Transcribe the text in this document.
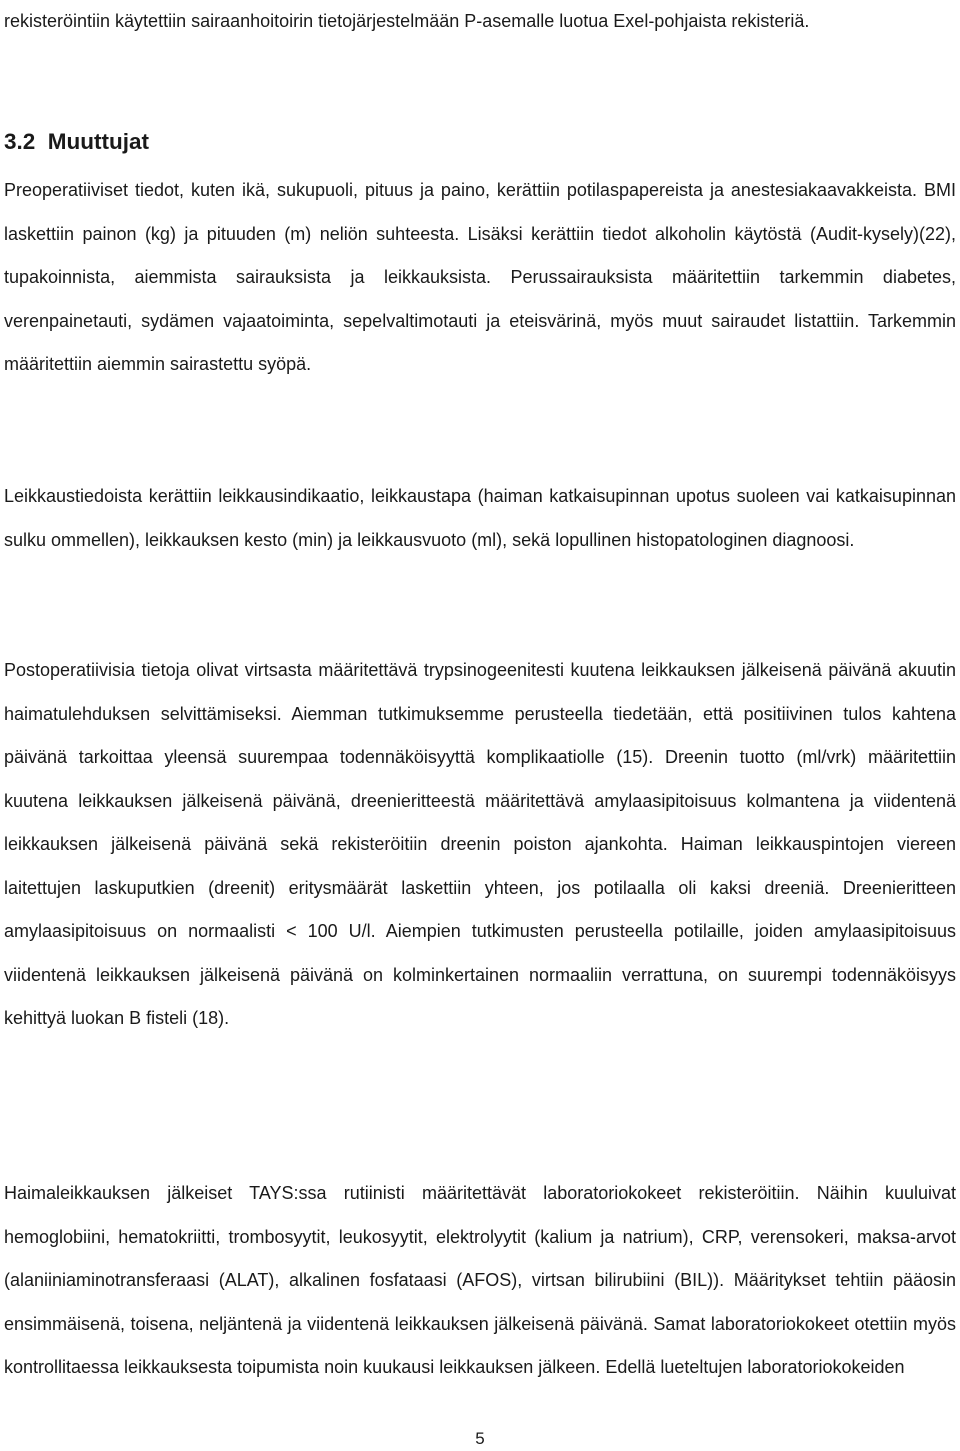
rekisteröintiin käytettiin sairaanhoitoirin tietojärjestelmään P-asemalle luotua Exel-pohjaista rekisteriä.

3.2  Muuttujat

Preoperatiiviset tiedot, kuten ikä, sukupuoli, pituus ja paino, kerättiin potilaspapereista ja anestesiakaavakkeista. BMI laskettiin painon (kg) ja pituuden (m) neliön suhteesta. Lisäksi kerättiin tiedot alkoholin käytöstä (Audit-kysely)(22), tupakoinnista, aiemmista sairauksista ja leikkauksista. Perussairauksista määritettiin tarkemmin diabetes, verenpainetauti, sydämen vajaatoiminta, sepelvaltimotauti ja eteisvärinä, myös muut sairaudet listattiin. Tarkemmin määritettiin aiemmin sairastettu syöpä.

Leikkaustiedoista kerättiin leikkausindikaatio, leikkaustapa (haiman katkaisupinnan upotus suoleen vai katkaisupinnan sulku ommellen), leikkauksen kesto (min) ja leikkausvuoto (ml), sekä lopullinen histopatologinen diagnoosi.

Postoperatiivisia tietoja olivat virtsasta määritettävä trypsinogeenitesti kuutena leikkauksen jälkeisenä päivänä akuutin haimatulehduksen selvittämiseksi. Aiemman tutkimuksemme perusteella tiedetään, että positiivinen tulos kahtena päivänä tarkoittaa yleensä suurempaa todennäköisyyttä komplikaatiolle (15). Dreenin tuotto (ml/vrk) määritettiin kuutena leikkauksen jälkeisenä päivänä, dreenieritteestä määritettävä amylaasipitoisuus kolmantena ja viidentenä leikkauksen jälkeisenä päivänä sekä rekisteröitiin dreenin poiston ajankohta. Haiman leikkauspintojen viereen laitettujen laskuputkien (dreenit) eritysmäärät laskettiin yhteen, jos potilaalla oli kaksi dreeniä. Dreenieritteen amylaasipitoisuus on normaalisti < 100 U/l. Aiempien tutkimusten perusteella potilaille, joiden amylaasipitoisuus viidentenä leikkauksen jälkeisenä päivänä on kolminkertainen normaaliin verrattuna, on suurempi todennäköisyys kehittyä luokan B fisteli (18).

Haimaleikkauksen jälkeiset TAYS:ssa rutiinisti määritettävät laboratoriokokeet rekisteröitiin. Näihin kuuluivat hemoglobiini, hematokriitti, trombosyytit, leukosyytit, elektrolyytit (kalium ja natrium), CRP, verensokeri, maksa-arvot (alaniiniaminotransferaasi (ALAT), alkalinen fosfataasi (AFOS), virtsan bilirubiini (BIL)). Määritykset tehtiin pääosin ensimmäisenä, toisena, neljäntenä ja viidentenä leikkauksen jälkeisenä päivänä. Samat laboratoriokokeet otettiin myös kontrollitaessa leikkauksesta toipumista noin kuukausi leikkauksen jälkeen. Edellä lueteltujen laboratoriokokeiden

5
